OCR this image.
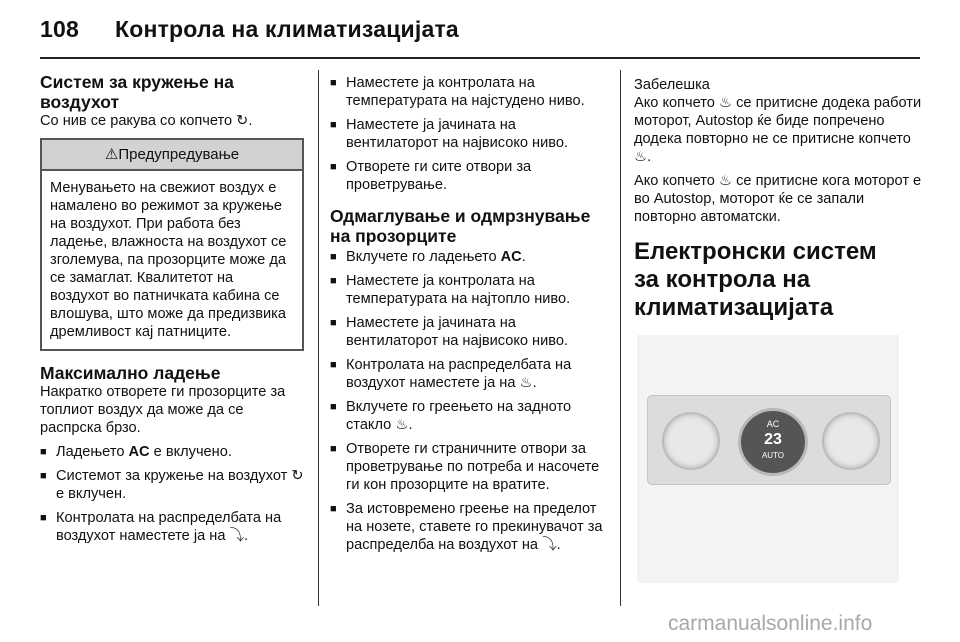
108 Контрола на климатизацијата
Систем за кружење на воздухот

Со нив се ракува со копчето ↻.

⚠Предупредување
Менувањето на свежиот воздух е намалено во режимот за кружење на воздухот. При работа без ладење, влажноста на воздухот се зголемува, па прозорците може да се замаглат. Квалитетот на воздухот во патничката кабина се влошува, што може да предизвика дремливост кај патниците.
Максимално ладење

Накратко отворете ги прозорците за топлиот воздух да може да се распрска брзо.

■ Ладењето AC е вклучено.
■ Системот за кружење на воздухот ↻ е вклучен.
■ Контролата на распределбата на воздухот наместете ја на ⤵.
■ Наместете ја контролата на температурата на најстудено ниво.
■ Наместете ја јачината на вентилаторот на највисоко ниво.
■ Отворете ги сите отвори за проветрување.
Одмаглување и одмрзнување на прозорците
■ Вклучете го ладењето AC.
■ Наместете ја контролата на температурата на најтопло ниво.
■ Наместете ја јачината на вентилаторот на највисоко ниво.
■ Контролата на распределбата на воздухот наместете ја на ♨.
■ Вклучете го греењето на задното стакло ♨.
■ Отворете ги страничните отвори за проветрување по потреба и насочете ги кон прозорците на вратите.
■ За истовремено греење на пределот на нозете, ставете го прекинувачот за распределба на воздухот на ⤵.
Забелешка

Ако копчето ♨ се притисне додека работи моторот, Autostop ќе биде попречено додека повторно не се притисне копчето ♨.

Ако копчето ♨ се притисне кога моторот е во Autostop, моторот ќе се запали повторно автоматски.

Електронски систем за контрола на климатизацијата
AC
23
AUTO
carmanualsonline.info
